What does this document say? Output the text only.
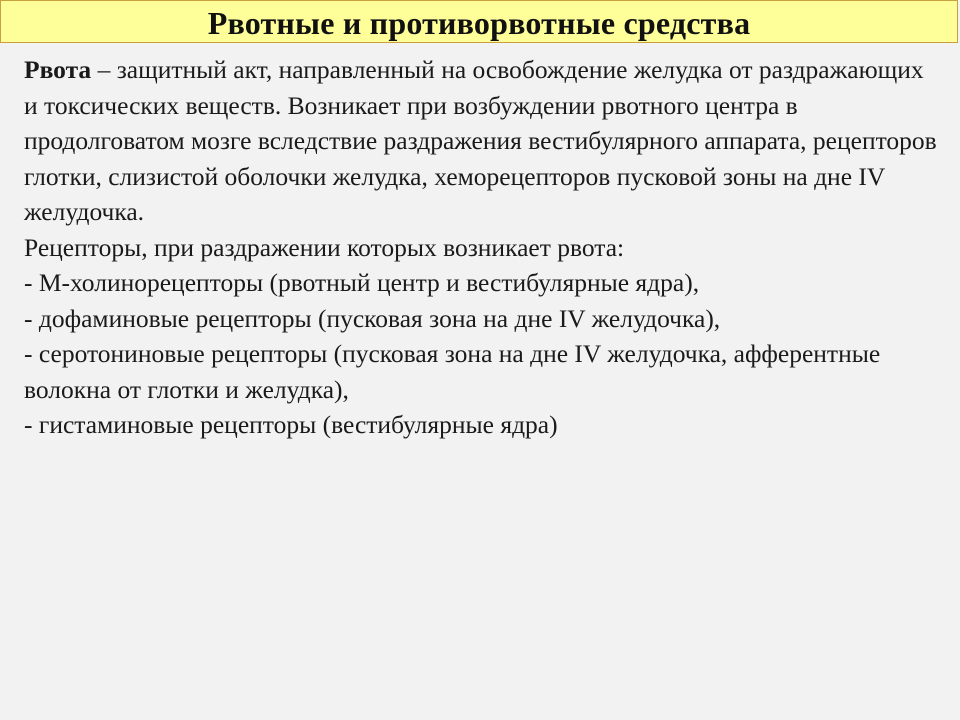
Рвотные и противорвотные средства

Рвота – защитный акт, направленный на освобождение желудка от раздражающих и токсических веществ. Возникает при возбуждении рвотного центра в продолговатом мозге вследствие раздражения вестибулярного аппарата, рецепторов глотки, слизистой оболочки желудка, хеморецепторов пусковой зоны на дне IV желудочка.

Рецепторы, при раздражении которых возникает рвота:

- М-холинорецепторы (рвотный центр и вестибулярные ядра),

- дофаминовые рецепторы (пусковая зона на дне IV желудочка),

- серотониновые рецепторы (пусковая зона на дне IV желудочка, афферентные волокна от глотки и желудка),

- гистаминовые рецепторы (вестибулярные ядра)
